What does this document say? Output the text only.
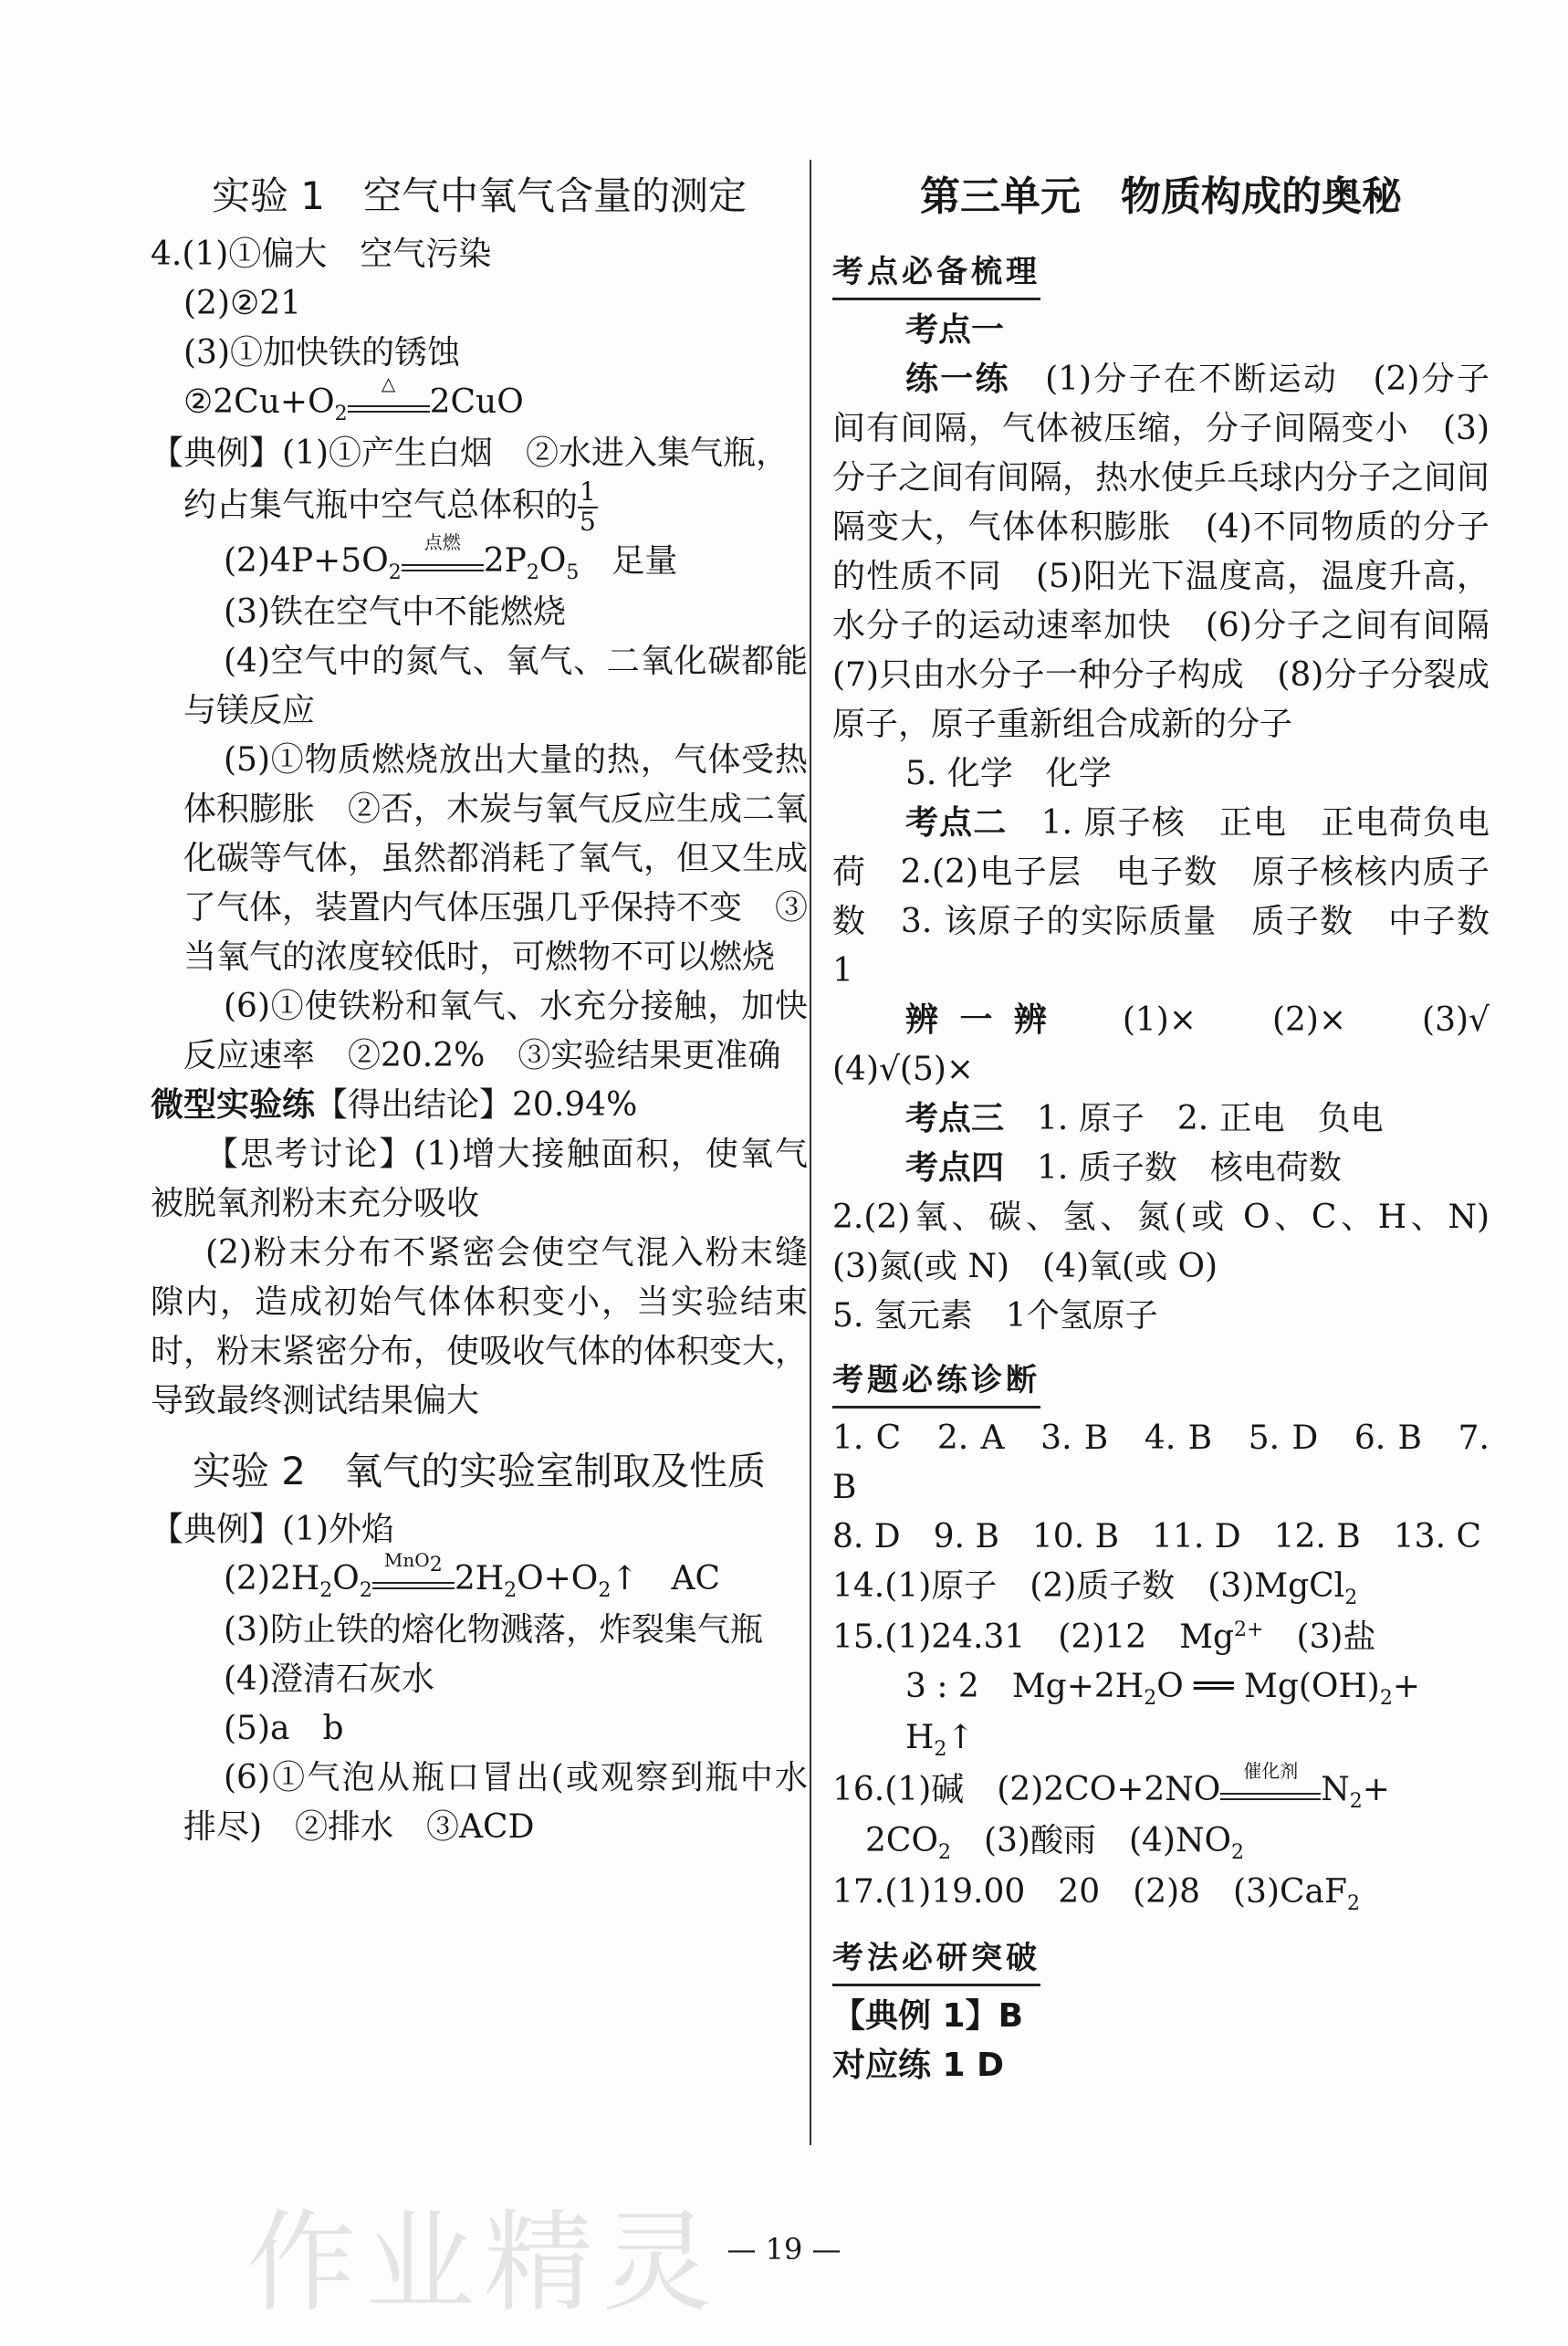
实验 1　空气中氧气含量的测定

4.(1)①偏大　空气污染

(2)②21

(3)①加快铁的锈蚀

$②2Cu+O_2$
△	2CuO

【典例】(1)①产生白烟　②水进入集气瓶，

约占集气瓶中空气总体积的 $\frac{1}{5}$

$(2)4P+5O_2$
点燃 $2P_2O_5$　足量

(3)铁在空气中不能燃烧

(4)空气中的氮气、氧气、二氧化碳都能与镁反应

(5)①物质燃烧放出大量的热，气体受热体积膨胀　②否，木炭与氧气反应生成二氧化碳等气体，虽然都消耗了氧气，但又生成了气体，装置内气体压强几乎保持不变　③当氧气的浓度较低时，可燃物不可以燃烧

(6)①使铁粉和氧气、水充分接触，加快反应速率　②20.2%　③实验结果更准确

微型实验练【得出结论】20.94%

【思考讨论】(1)增大接触面积，使氧气被脱氧剂粉末充分吸收

(2)粉末分布不紧密会使空气混入粉末缝隙内，造成初始气体体积变小，当实验结束时，粉末紧密分布，使吸收气体的体积变大，导致最终测试结果偏大

实验 2　氧气的实验室制取及性质

【典例】(1)外焰

$(2)2H_2O_2$
MnO$_2$ $2H_2O+O_2↑$　AC

(3)防止铁的熔化物溅落，炸裂集气瓶

(4)澄清石灰水

(5)a　b

(6)①气泡从瓶口冒出(或观察到瓶中水排尽)　②排水　③ACD

第三单元　物质构成的奥秘
考点必备梳理

考点一

练一练　 (1)分子在不断运动　(2)分子间有间隔，气体被压缩，分子间隔变小　(3)分子之间有间隔，热水使乒乓球内分子之间间隔变大，气体体积膨胀　(4)不同物质的分子的性质不同　(5)阳光下温度高，温度升高，水分子的运动速率加快　(6)分子之间有间隔　(7)只由水分子一种分子构成　(8)分子分裂成原子，原子重新组合成新的分子

5. 化学　化学

考点二　 1. 原子核　正电　正电荷负电荷　2.(2)电子层　电子数　原子核核内质子数　3. 该原子的实际质量　质子数　中子数　1

辨一辨　 (1)×　(2)×　(3)√　(4)√(5)×

考点三　 1. 原子　2. 正电　负电

考点四　 1. 质子数　核电荷数

2.(2)氧、碳、氢、氮(或 O、C、H、N)　(3)氮(或 N)　(4)氧(或 O)

5. 氢元素　1个氢原子

考题必练诊断

1. C　2. A　3. B　4. B　5. D　6. B　7. B

8. D　9. B　10. B　11. D　12. B　13. C

14.(1)原子　(2)质子数　(3)MgCl$_2$

15.(1)24.31　(2)12　$Mg^{2+}$　(3)盐

3 : 2　$Mg+2H_2O$ ══ $Mg(OH)_2+$

$H_2↑$

16.(1)碱　(2)2CO+2NO	催化剂 $N_2+$

$2CO_2$　 (3)酸雨　$(4)NO_2$

17.(1)19.00　20　(2)8　(3)CaF$_2$

考法必研突破

【典例 1】B

对应练 1 D

作业精灵 — 19 —
